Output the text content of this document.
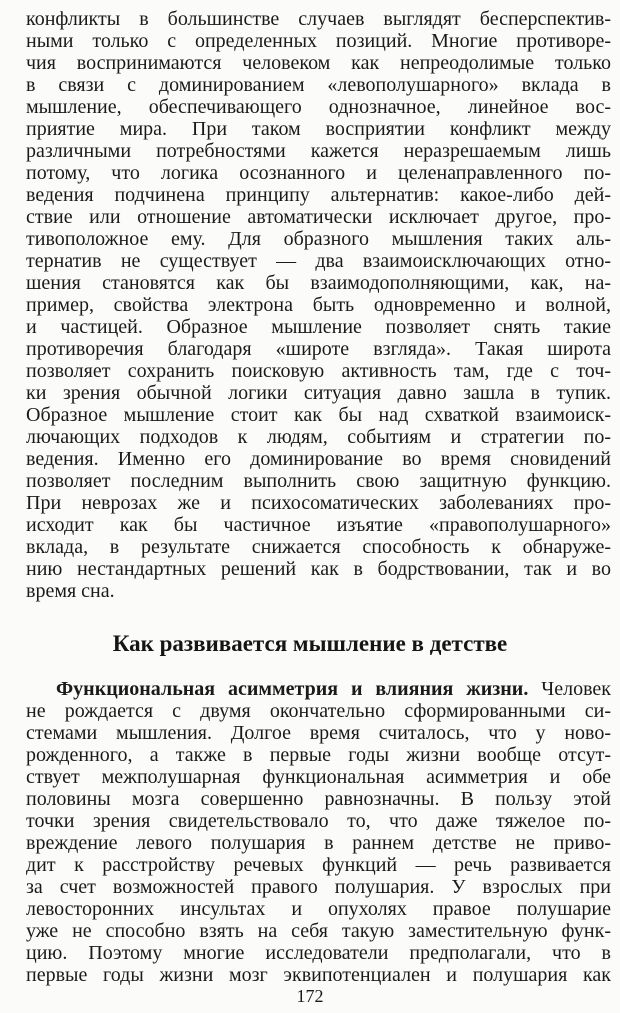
конфликты в большинстве случаев выглядят бесперспектив-
ными только с определенных позиций. Многие противоре-
чия воспринимаются человеком как непреодолимые только
в связи с доминированием «левополушарного» вклада в
мышление, обеспечивающего однозначное, линейное вос-
приятие мира. При таком восприятии конфликт между
различными потребностями кажется неразрешаемым лишь
потому, что логика осознанного и целенаправленного по-
ведения подчинена принципу альтернатив: какое-либо дей-
ствие или отношение автоматически исключает другое, про-
тивоположное ему. Для образного мышления таких аль-
тернатив не существует — два взаимоисключающих отно-
шения становятся как бы взаимодополняющими, как, на-
пример, свойства электрона быть одновременно и волной,
и частицей. Образное мышление позволяет снять такие
противоречия благодаря «широте взгляда». Такая широта
позволяет сохранить поисковую активность там, где с точ-
ки зрения обычной логики ситуация давно зашла в тупик.
Образное мышление стоит как бы над схваткой взаимоиск-
лючающих подходов к людям, событиям и стратегии по-
ведения. Именно его доминирование во время сновидений
позволяет последним выполнить свою защитную функцию.
При неврозах же и психосоматических заболеваниях про-
исходит как бы частичное изъятие «правополушарного»
вклада, в результате снижается способность к обнаруже-
нию нестандартных решений как в бодрствовании, так и во
время сна.
Как развивается мышление в детстве
Функциональная асимметрия и влияния жизни. Человек
не рождается с двумя окончательно сформированными си-
стемами мышления. Долгое время считалось, что у ново-
рожденного, а также в первые годы жизни вообще отсут-
ствует межполушарная функциональная асимметрия и обе
половины мозга совершенно равнозначны. В пользу этой
точки зрения свидетельствовало то, что даже тяжелое по-
вреждение левого полушария в раннем детстве не приво-
дит к расстройству речевых функций — речь развивается
за счет возможностей правого полушария. У взрослых при
левосторонних инсультах и опухолях правое полушарие
уже не способно взять на себя такую заместительную функ-
цию. Поэтому многие исследователи предполагали, что в
первые годы жизни мозг эквипотенциален и полушария как
172
